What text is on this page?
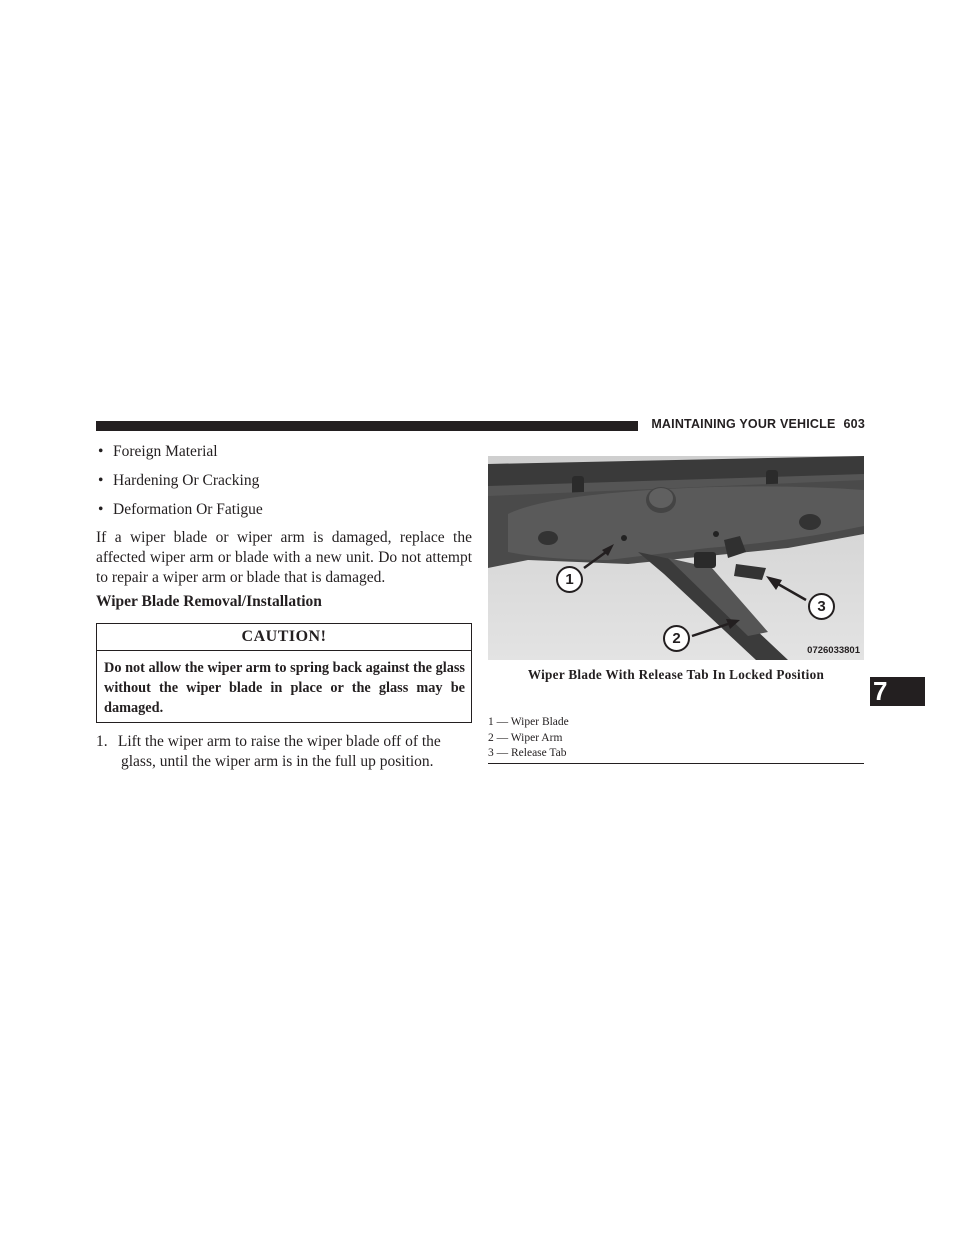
MAINTAINING YOUR VEHICLE 603
• Foreign Material
• Hardening Or Cracking
• Deformation Or Fatigue

If a wiper blade or wiper arm is damaged, replace the affected wiper arm or blade with a new unit. Do not attempt to repair a wiper arm or blade that is damaged.

Wiper Blade Removal/Installation
CAUTION!
Do not allow the wiper arm to spring back against the glass without the wiper blade in place or the glass may be damaged.
1. Lift the wiper arm to raise the wiper blade off of the
glass, until the wiper arm is in the full up position.
1
2
3
0726033801
Wiper Blade With Release Tab In Locked Position
1 — Wiper Blade
2 — Wiper Arm
3 — Release Tab
7
